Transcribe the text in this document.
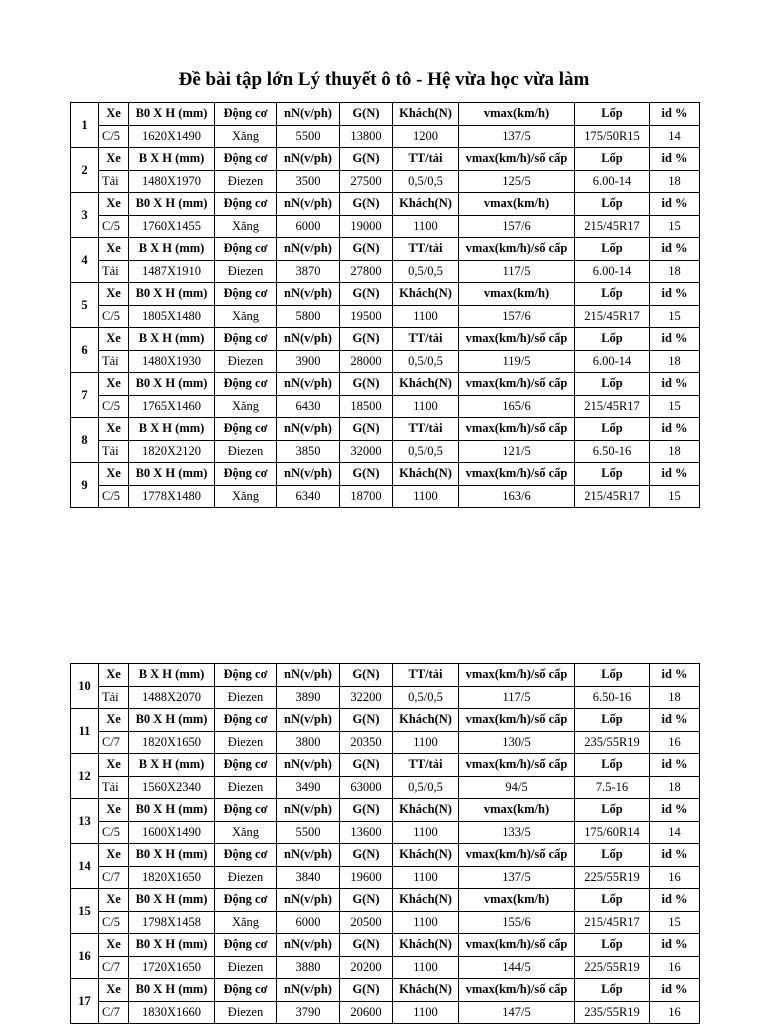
Đề bài tập lớn Lý thuyết ô tô - Hệ vừa học vừa làm
1	Xe	B0 X H (mm)	Động cơ	nN(v/ph)	G(N)	Khách(N)	vmax(km/h)	Lốp	id %
	C/5	1620X1490	Xăng	5500	13800	1200	137/5	175/50R15	14
2	Xe	B X H (mm)	Động cơ	nN(v/ph)	G(N)	TT/tải	vmax(km/h)/số cấp	Lốp	id %
	Tải	1480X1970	Điezen	3500	27500	0,5/0,5	125/5	6.00-14	18
3	Xe	B0 X H (mm)	Động cơ	nN(v/ph)	G(N)	Khách(N)	vmax(km/h)	Lốp	id %
	C/5	1760X1455	Xăng	6000	19000	1100	157/6	215/45R17	15
4	Xe	B X H (mm)	Động cơ	nN(v/ph)	G(N)	TT/tải	vmax(km/h)/số cấp	Lốp	id %
	Tải	1487X1910	Điezen	3870	27800	0,5/0,5	117/5	6.00-14	18
5	Xe	B0 X H (mm)	Động cơ	nN(v/ph)	G(N)	Khách(N)	vmax(km/h)	Lốp	id %
	C/5	1805X1480	Xăng	5800	19500	1100	157/6	215/45R17	15
6	Xe	B X H (mm)	Động cơ	nN(v/ph)	G(N)	TT/tải	vmax(km/h)/số cấp	Lốp	id %
	Tải	1480X1930	Điezen	3900	28000	0,5/0,5	119/5	6.00-14	18
7	Xe	B0 X H (mm)	Động cơ	nN(v/ph)	G(N)	Khách(N)	vmax(km/h)/số cấp	Lốp	id %
	C/5	1765X1460	Xăng	6430	18500	1100	165/6	215/45R17	15
8	Xe	B X H (mm)	Động cơ	nN(v/ph)	G(N)	TT/tải	vmax(km/h)/số cấp	Lốp	id %
	Tải	1820X2120	Điezen	3850	32000	0,5/0,5	121/5	6.50-16	18
9	Xe	B0 X H (mm)	Động cơ	nN(v/ph)	G(N)	Khách(N)	vmax(km/h)/số cấp	Lốp	id %
	C/5	1778X1480	Xăng	6340	18700	1100	163/6	215/45R17	15
10	Xe	B X H (mm)	Động cơ	nN(v/ph)	G(N)	TT/tải	vmax(km/h)/số cấp	Lốp	id %
	Tải	1488X2070	Điezen	3890	32200	0,5/0,5	117/5	6.50-16	18
11	Xe	B0 X H (mm)	Động cơ	nN(v/ph)	G(N)	Khách(N)	vmax(km/h)/số cấp	Lốp	id %
	C/7	1820X1650	Điezen	3800	20350	1100	130/5	235/55R19	16
12	Xe	B X H (mm)	Động cơ	nN(v/ph)	G(N)	TT/tải	vmax(km/h)/số cấp	Lốp	id %
	Tải	1560X2340	Điezen	3490	63000	0,5/0,5	94/5	7.5-16	18
13	Xe	B0 X H (mm)	Động cơ	nN(v/ph)	G(N)	Khách(N)	vmax(km/h)	Lốp	id %
	C/5	1600X1490	Xăng	5500	13600	1100	133/5	175/60R14	14
14	Xe	B0 X H (mm)	Động cơ	nN(v/ph)	G(N)	Khách(N)	vmax(km/h)/số cấp	Lốp	id %
	C/7	1820X1650	Điezen	3840	19600	1100	137/5	225/55R19	16
15	Xe	B0 X H (mm)	Động cơ	nN(v/ph)	G(N)	Khách(N)	vmax(km/h)	Lốp	id %
	C/5	1798X1458	Xăng	6000	20500	1100	155/6	215/45R17	15
16	Xe	B0 X H (mm)	Động cơ	nN(v/ph)	G(N)	Khách(N)	vmax(km/h)/số cấp	Lốp	id %
	C/7	1720X1650	Điezen	3880	20200	1100	144/5	225/55R19	16
17	Xe	B0 X H (mm)	Động cơ	nN(v/ph)	G(N)	Khách(N)	vmax(km/h)/số cấp	Lốp	id %
	C/7	1830X1660	Điezen	3790	20600	1100	147/5	235/55R19	16
